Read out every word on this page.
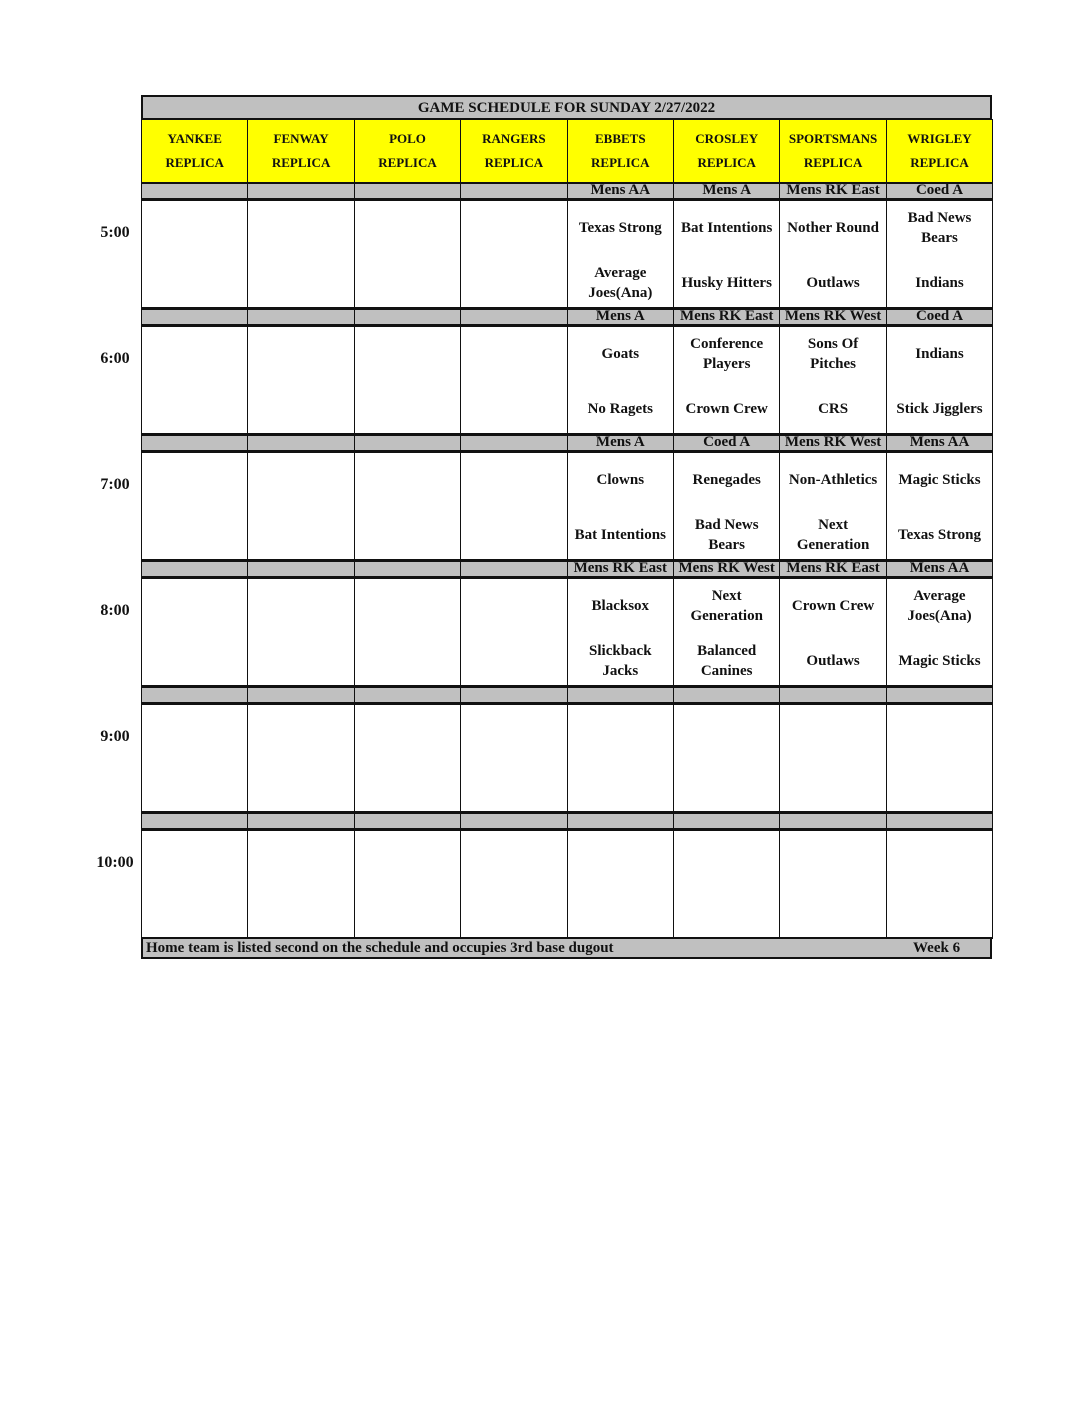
GAME SCHEDULE FOR SUNDAY 2/27/2022
Home team is listed second on the schedule and occupies 3rd base dugout	Week 6
YANKEE
REPLICA
FENWAY
REPLICA
POLO
REPLICA
RANGERS
REPLICA
EBBETS
REPLICA
CROSLEY
REPLICA
SPORTSMANS
REPLICA
WRIGLEY
REPLICA
Mens AA
Texas Strong
Average
Joes(Ana)
Mens A
Bat Intentions
Husky Hitters
Mens RK East
Nother Round
Outlaws
Coed A
Bad News
Bears
Indians
Mens A
Goats
No Ragets
Mens RK East
Conference
Players
Crown Crew
Mens RK West
Sons Of
Pitches
CRS
Coed A
Indians
Stick Jigglers
Mens A
Clowns
Bat Intentions
Coed A
Renegades
Bad News
Bears
Mens RK West
Non-Athletics
Next
Generation
Mens AA
Magic Sticks
Texas Strong
Mens RK East
Blacksox
Slickback
Jacks
Mens RK West
Next
Generation
Balanced
Canines
Mens RK East
Crown Crew
Outlaws
Mens AA
Average
Joes(Ana)
Magic Sticks
5:00
6:00
7:00
8:00
9:00
10:00
